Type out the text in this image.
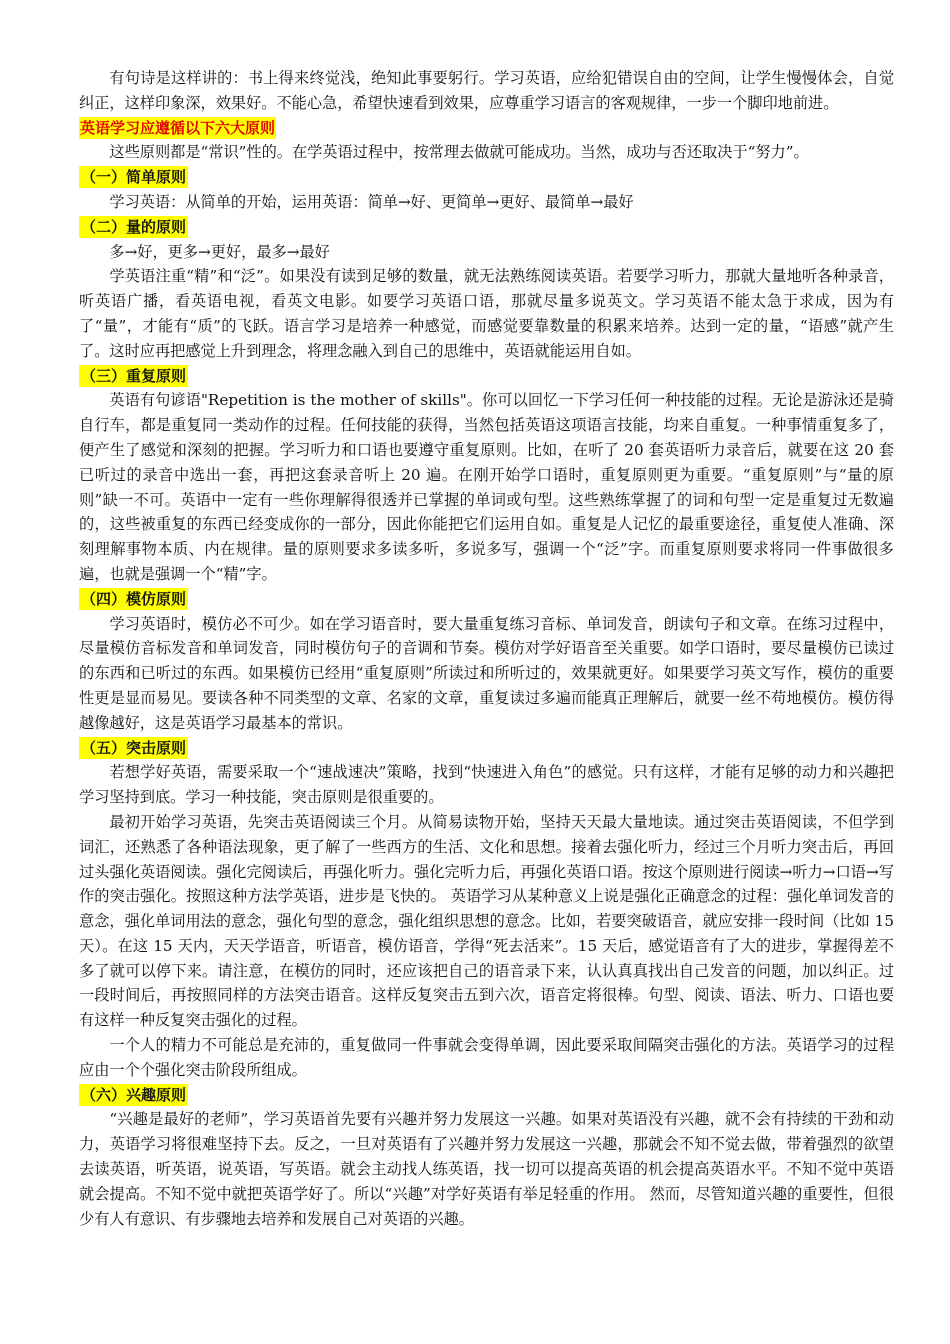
有句诗是这样讲的：书上得来终觉浅，绝知此事要躬行。学习英语，应给犯错误自由的空间，让学生慢慢体会，自觉纠正，这样印象深，效果好。不能心急，希望快速看到效果，应尊重学习语言的客观规律，一步一个脚印地前进。

英语学习应遵循以下六大原则

这些原则都是“常识”性的。在学英语过程中，按常理去做就可能成功。当然，成功与否还取决于“努力”。

（一）简单原则

学习英语：从简单的开始，运用英语：简单→好、更简单→更好、最简单→最好

（二）量的原则

多→好，更多→更好，最多→最好

学英语注重“精”和“泛”。如果没有读到足够的数量，就无法熟练阅读英语。若要学习听力，那就大量地听各种录音，听英语广播，看英语电视，看英文电影。如要学习英语口语，那就尽量多说英文。学习英语不能太急于求成，因为有了“量”，才能有“质”的飞跃。语言学习是培养一种感觉，而感觉要靠数量的积累来培养。达到一定的量，“语感”就产生了。这时应再把感觉上升到理念，将理念融入到自己的思维中，英语就能运用自如。

（三）重复原则

英语有句谚语"Repetition is the mother of skills"。你可以回忆一下学习任何一种技能的过程。无论是游泳还是骑自行车，都是重复同一类动作的过程。任何技能的获得，当然包括英语这项语言技能，均来自重复。一种事情重复多了，便产生了感觉和深刻的把握。学习听力和口语也要遵守重复原则。比如，在听了 20 套英语听力录音后，就要在这 20 套已听过的录音中选出一套，再把这套录音听上 20 遍。在刚开始学口语时，重复原则更为重要。“重复原则”与“量的原则”缺一不可。英语中一定有一些你理解得很透并已掌握的单词或句型。这些熟练掌握了的词和句型一定是重复过无数遍的，这些被重复的东西已经变成你的一部分，因此你能把它们运用自如。重复是人记忆的最重要途径，重复使人准确、深刻理解事物本质、内在规律。量的原则要求多读多听，多说多写，强调一个“泛”字。而重复原则要求将同一件事做很多遍，也就是强调一个“精”字。

（四）模仿原则

学习英语时，模仿必不可少。如在学习语音时，要大量重复练习音标、单词发音，朗读句子和文章。在练习过程中，尽量模仿音标发音和单词发音，同时模仿句子的音调和节奏。模仿对学好语音至关重要。如学口语时，要尽量模仿已读过的东西和已听过的东西。如果模仿已经用“重复原则”所读过和所听过的，效果就更好。如果要学习英文写作，模仿的重要性更是显而易见。要读各种不同类型的文章、名家的文章，重复读过多遍而能真正理解后，就要一丝不苟地模仿。模仿得越像越好，这是英语学习最基本的常识。

（五）突击原则

若想学好英语，需要采取一个“速战速决”策略，找到“快速进入角色”的感觉。只有这样，才能有足够的动力和兴趣把学习坚持到底。学习一种技能，突击原则是很重要的。

最初开始学习英语，先突击英语阅读三个月。从简易读物开始，坚持天天最大量地读。通过突击英语阅读，不但学到词汇，还熟悉了各种语法现象，更了解了一些西方的生活、文化和思想。接着去强化听力，经过三个月听力突击后，再回过头强化英语阅读。强化完阅读后，再强化听力。强化完听力后，再强化英语口语。按这个原则进行阅读→听力→口语→写作的突击强化。按照这种方法学英语，进步是飞快的。 英语学习从某种意义上说是强化正确意念的过程：强化单词发音的意念，强化单词用法的意念，强化句型的意念，强化组织思想的意念。比如，若要突破语音，就应安排一段时间（比如 15 天）。在这 15 天内，天天学语音，听语音，模仿语音，学得“死去活来”。15 天后，感觉语音有了大的进步，掌握得差不多了就可以停下来。请注意，在模仿的同时，还应该把自己的语音录下来，认认真真找出自己发音的问题，加以纠正。过一段时间后，再按照同样的方法突击语音。这样反复突击五到六次，语音定将很棒。句型、阅读、语法、听力、口语也要有这样一种反复突击强化的过程。

一个人的精力不可能总是充沛的，重复做同一件事就会变得单调，因此要采取间隔突击强化的方法。英语学习的过程应由一个个强化突击阶段所组成。

（六）兴趣原则

“兴趣是最好的老师”，学习英语首先要有兴趣并努力发展这一兴趣。如果对英语没有兴趣，就不会有持续的干劲和动力，英语学习将很难坚持下去。反之，一旦对英语有了兴趣并努力发展这一兴趣，那就会不知不觉去做，带着强烈的欲望去读英语，听英语，说英语，写英语。就会主动找人练英语，找一切可以提高英语的机会提高英语水平。不知不觉中英语就会提高。不知不觉中就把英语学好了。所以“兴趣”对学好英语有举足轻重的作用。 然而，尽管知道兴趣的重要性，但很少有人有意识、有步骤地去培养和发展自己对英语的兴趣。
